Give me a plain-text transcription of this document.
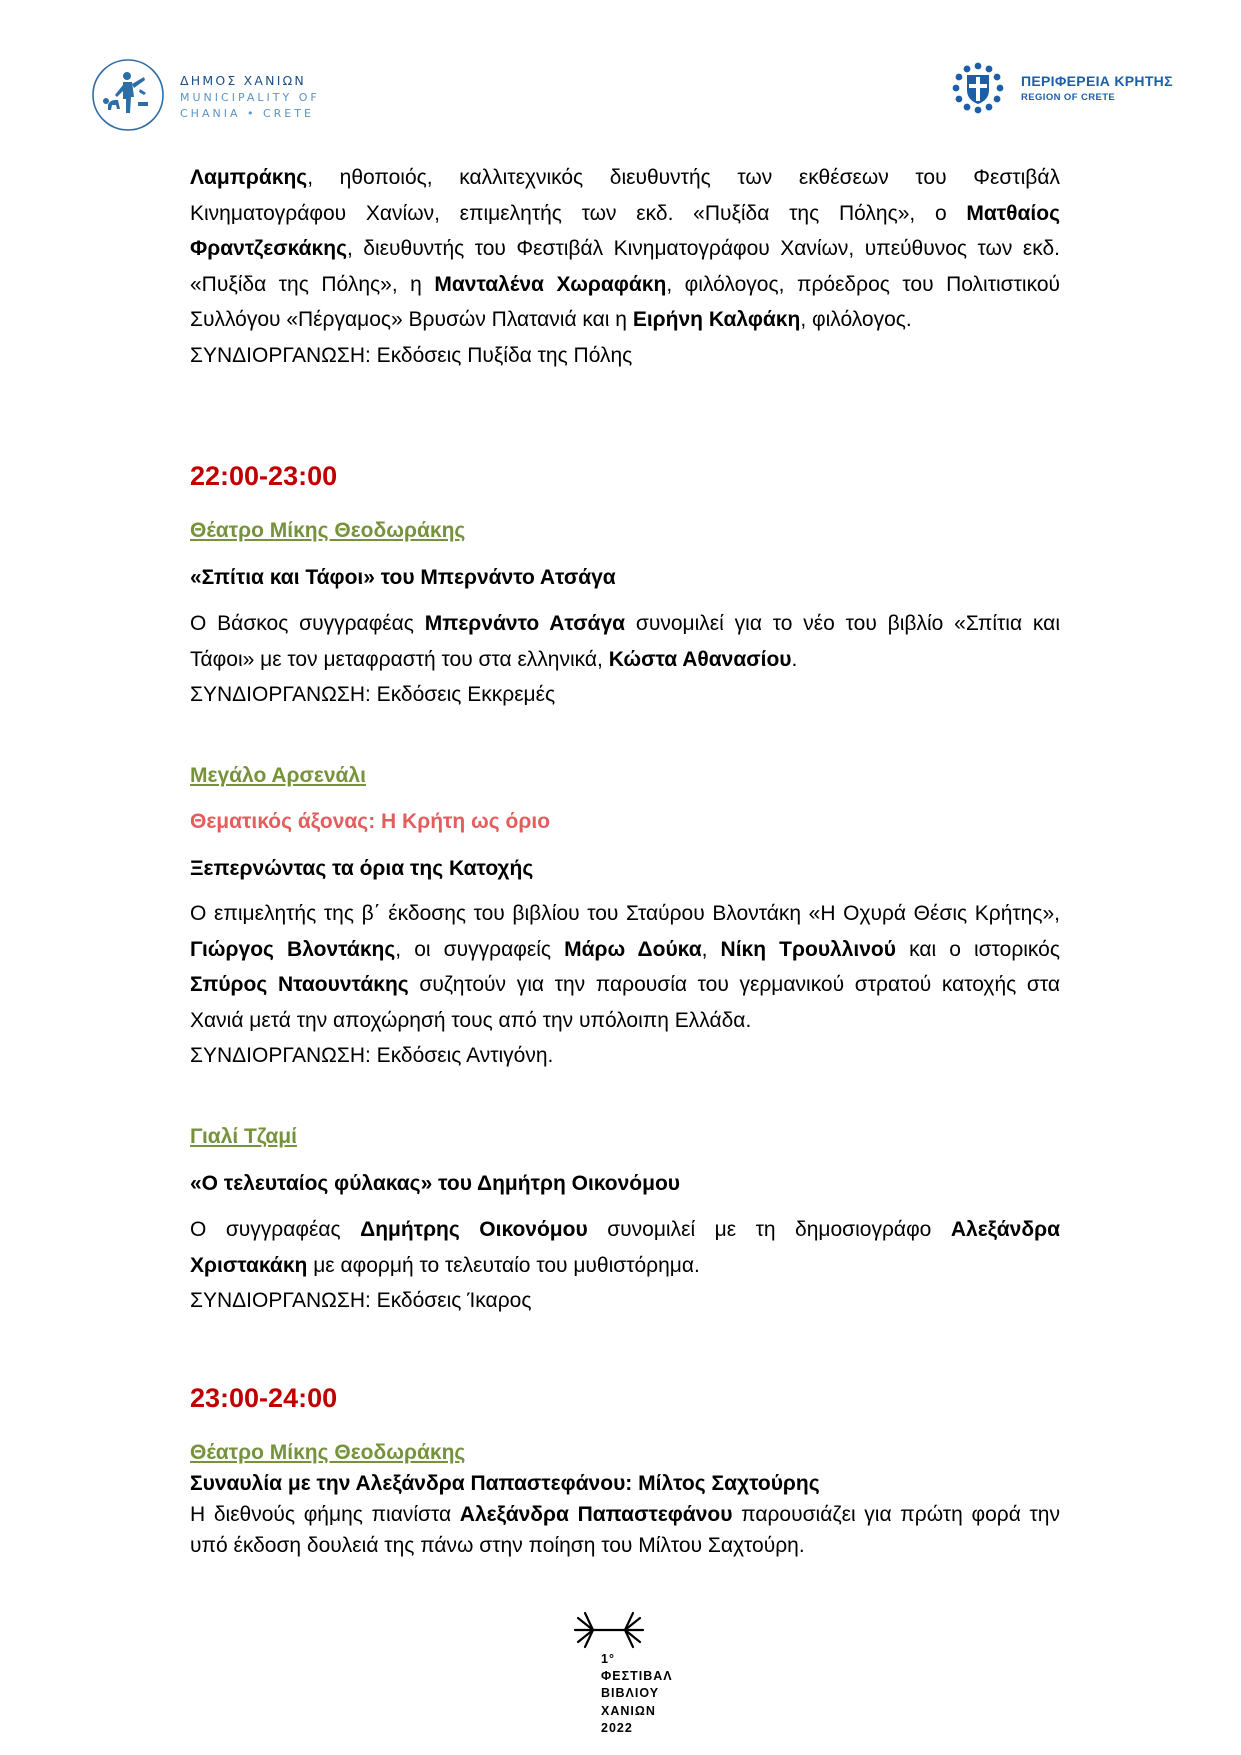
ΔΗΜΟΣ ΧΑΝΙΩΝ
MUNICIPALITY OF
CHANIA • CRETE
ΠΕΡΙΦΕΡΕΙΑ ΚΡΗΤΗΣ
REGION OF CRETE

Λαμπράκης, ηθοποιός, καλλιτεχνικός διευθυντής των εκθέσεων του Φεστιβάλ Κινηματογράφου Χανίων, επιμελητής των εκδ. «Πυξίδα της Πόλης», ο Ματθαίος Φραντζεσκάκης, διευθυντής του Φεστιβάλ Κινηματογράφου Χανίων, υπεύθυνος των εκδ. «Πυξίδα της Πόλης», η Μανταλένα Χωραφάκη, φιλόλογος, πρόεδρος του Πολιτιστικού Συλλόγου «Πέργαμος» Βρυσών Πλατανιά και η Ειρήνη Καλφάκη, φιλόλογος.

ΣΥΝΔΙΟΡΓΑΝΩΣΗ: Εκδόσεις Πυξίδα της Πόλης
22:00-23:00
Θέατρο Μίκης Θεοδωράκης
«Σπίτια και Τάφοι» του Μπερνάντο Ατσάγα

Ο Βάσκος συγγραφέας Μπερνάντο Ατσάγα συνομιλεί για το νέο του βιβλίο «Σπίτια και Τάφοι» με τον μεταφραστή του στα ελληνικά, Κώστα Αθανασίου.

ΣΥΝΔΙΟΡΓΑΝΩΣΗ: Εκδόσεις Εκκρεμές
Μεγάλο Αρσενάλι
Θεματικός άξονας: Η Κρήτη ως όριο
Ξεπερνώντας τα όρια της Κατοχής

Ο επιμελητής της β΄ έκδοσης του βιβλίου του Σταύρου Βλοντάκη «Η Οχυρά Θέσις Κρήτης», Γιώργος Βλοντάκης, οι συγγραφείς Μάρω Δούκα, Νίκη Τρουλλινού και ο ιστορικός Σπύρος Νταουντάκης συζητούν για την παρουσία του γερμανικού στρατού κατοχής στα Χανιά μετά την αποχώρησή τους από την υπόλοιπη Ελλάδα.

ΣΥΝΔΙΟΡΓΑΝΩΣΗ: Εκδόσεις Αντιγόνη.
Γιαλί Τζαμί
«Ο τελευταίος φύλακας» του Δημήτρη Οικονόμου

Ο συγγραφέας Δημήτρης Οικονόμου συνομιλεί με τη δημοσιογράφο Αλεξάνδρα Χριστακάκη με αφορμή το τελευταίο του μυθιστόρημα.

ΣΥΝΔΙΟΡΓΑΝΩΣΗ: Εκδόσεις Ίκαρος
23:00-24:00
Θέατρο Μίκης Θεοδωράκης
Συναυλία με την Αλεξάνδρα Παπαστεφάνου: Μίλτος Σαχτούρης

Η διεθνούς φήμης πιανίστα Αλεξάνδρα Παπαστεφάνου παρουσιάζει για πρώτη φορά την υπό έκδοση δουλειά της πάνω στην ποίηση του Μίλτου Σαχτούρη.

1°
ΦΕΣΤΙΒΑΛ
ΒΙΒΛΙΟΥ
ΧΑΝΙΩΝ
2022
